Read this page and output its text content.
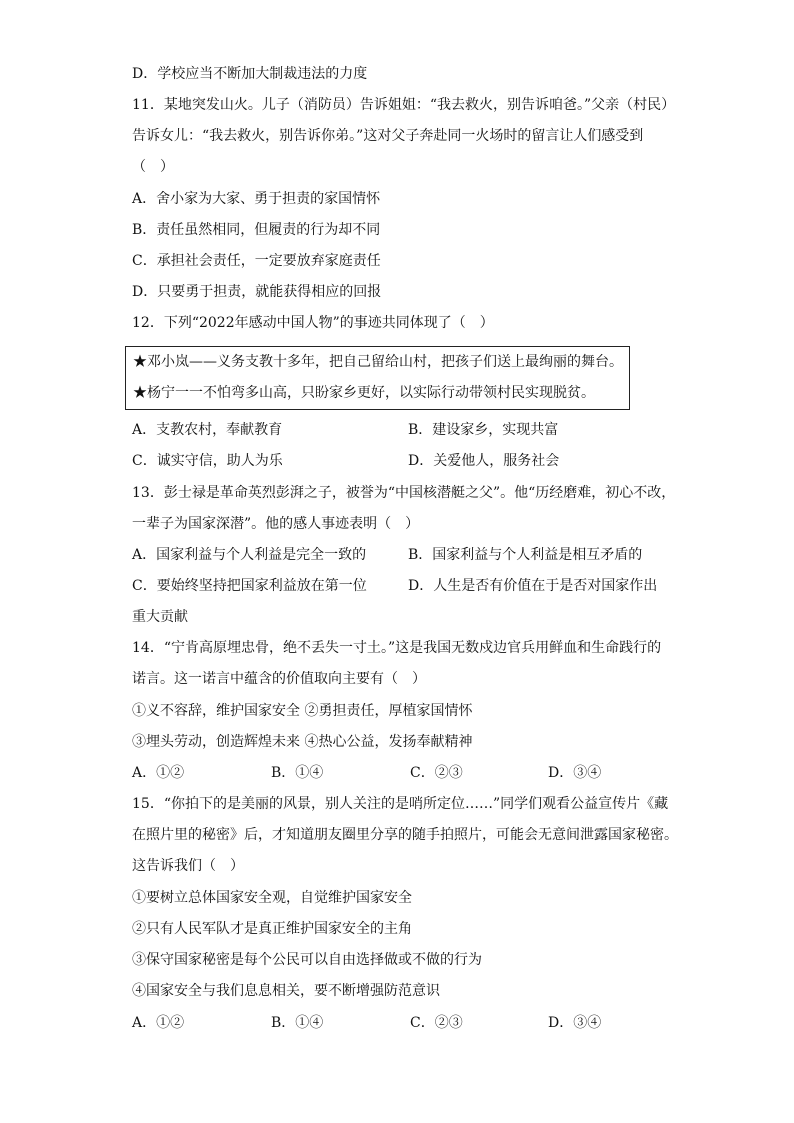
D．学校应当不断加大制裁违法的力度
11．某地突发山火。儿子（消防员）告诉姐姐：“我去救火，别告诉咱爸。”父亲（村民）
告诉女儿：“我去救火，别告诉你弟。”这对父子奔赴同一火场时的留言让人们感受到
（　）
A．舍小家为大家、勇于担责的家国情怀
B．责任虽然相同，但履责的行为却不同
C．承担社会责任，一定要放弃家庭责任
D．只要勇于担责，就能获得相应的回报
12．下列“2022年感动中国人物”的事迹共同体现了（　）
★邓小岚——义务支教十多年，把自己留给山村，把孩子们送上最绚丽的舞台。
★杨宁一一不怕弯多山高，只盼家乡更好，以实际行动带领村民实现脱贫。
A．支教农村，奉献教育	B．建设家乡，实现共富
C．诚实守信，助人为乐	D．关爱他人，服务社会
13．彭士禄是革命英烈彭湃之子，被誉为“中国核潜艇之父”。他“历经磨难，初心不改，
一辈子为国家深潜”。他的感人事迹表明（　）
A．国家利益与个人利益是完全一致的	B．国家利益与个人利益是相互矛盾的
C．要始终坚持把国家利益放在第一位	D．人生是否有价值在于是否对国家作出
重大贡献
14．“宁肯高原埋忠骨，绝不丢失一寸土。”这是我国无数戍边官兵用鲜血和生命践行的
诺言。这一诺言中蕴含的价值取向主要有（　）
①义不容辞，维护国家安全 ②勇担责任，厚植家国情怀
③埋头劳动，创造辉煌未来 ④热心公益，发扬奉献精神
A．①②	B．①④	C．②③	D．③④
15．“你拍下的是美丽的风景，别人关注的是哨所定位……”同学们观看公益宣传片《藏
在照片里的秘密》后，才知道朋友圈里分享的随手拍照片，可能会无意间泄露国家秘密。
这告诉我们（　）
①要树立总体国家安全观，自觉维护国家安全
②只有人民军队才是真正维护国家安全的主角
③保守国家秘密是每个公民可以自由选择做或不做的行为
④国家安全与我们息息相关，要不断增强防范意识
A．①②	B．①④	C．②③	D．③④
